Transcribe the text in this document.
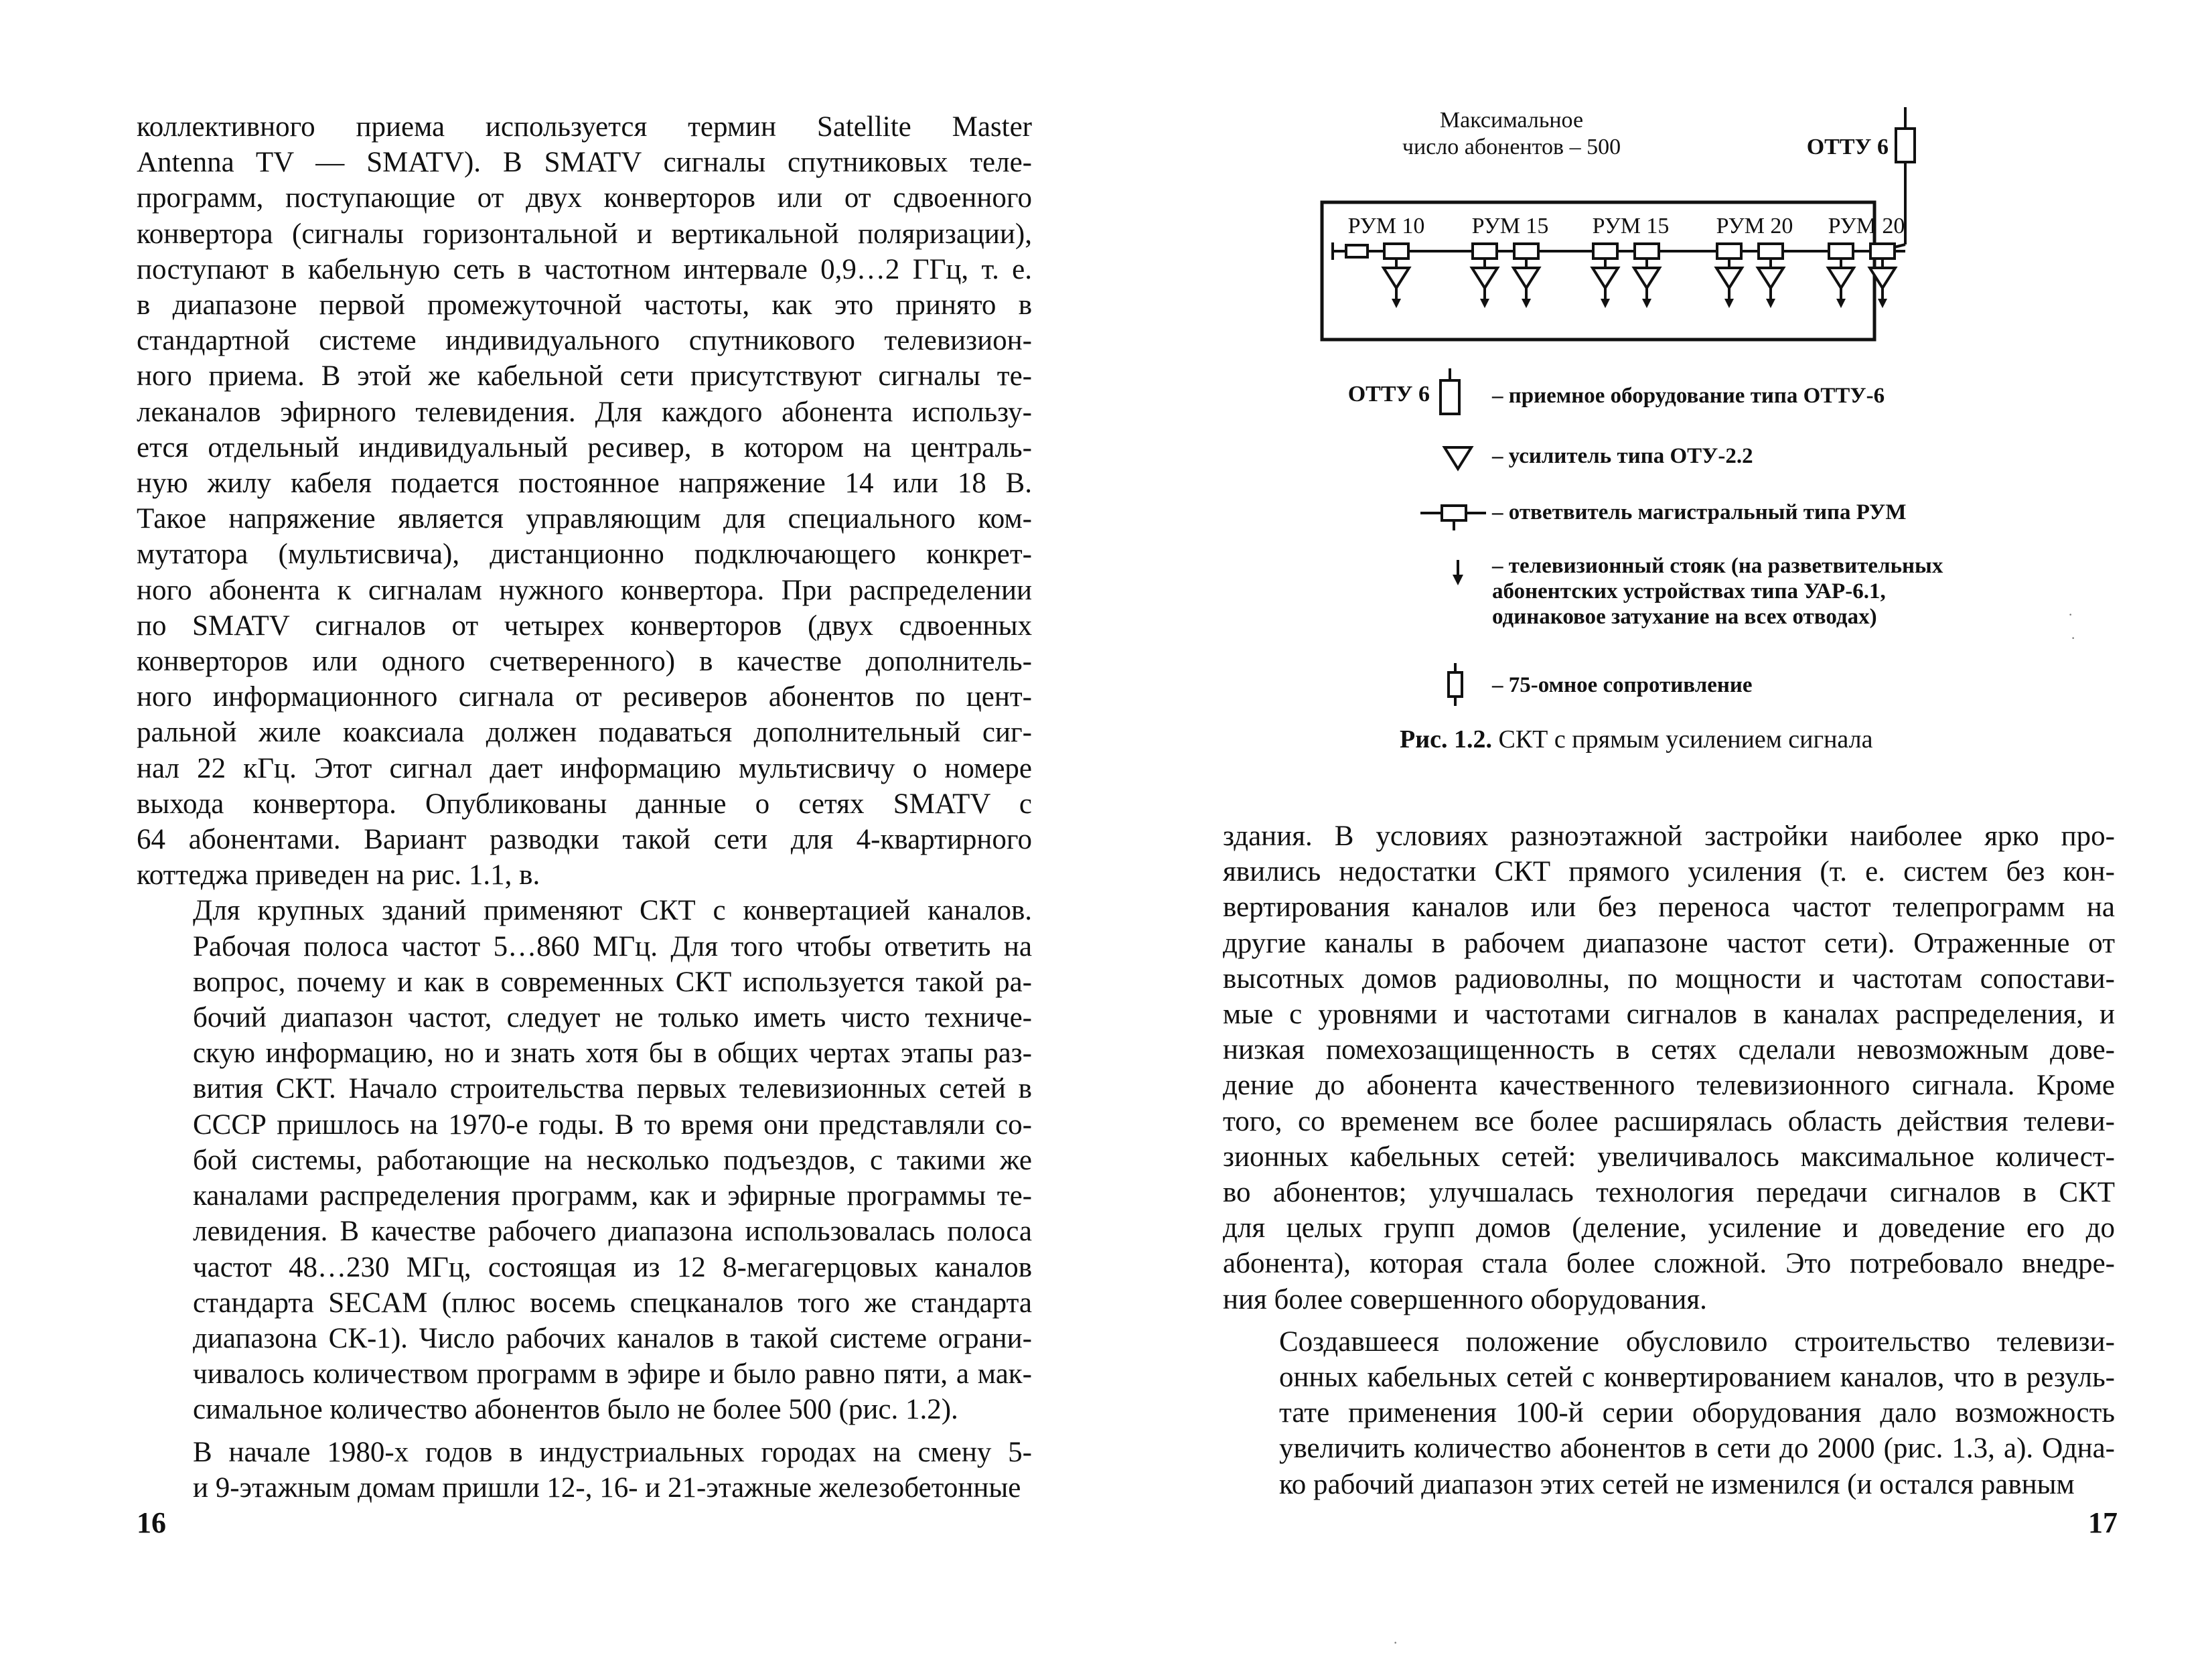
коллективного приема используется термин Satellite Master
Antenna TV — SMATV). В SMATV сигналы спутниковых теле-
программ, поступающие от двух конверторов или от сдвоенного
конвертора (сигналы горизонтальной и вертикальной поляризации),
поступают в кабельную сеть в частотном интервале 0,9…2 ГГц, т. е.
в диапазоне первой промежуточной частоты, как это принято в
стандартной системе индивидуального спутникового телевизион-
ного приема. В этой же кабельной сети присутствуют сигналы те-
леканалов эфирного телевидения. Для каждого абонента использу-
ется отдельный индивидуальный ресивер, в котором на централь-
ную жилу кабеля подается постоянное напряжение 14 или 18 В.
Такое напряжение является управляющим для специального ком-
мутатора (мультисвича), дистанционно подключающего конкрет-
ного абонента к сигналам нужного конвертора. При распределении
по SMATV сигналов от четырех конверторов (двух сдвоенных
конверторов или одного счетверенного) в качестве дополнитель-
ного информационного сигнала от ресиверов абонентов по цент-
ральной жиле коаксиала должен подаваться дополнительный сиг-
нал 22 кГц. Этот сигнал дает информацию мультисвичу о номере
выхода конвертора. Опубликованы данные о сетях SMATV с
64 абонентами. Вариант разводки такой сети для 4-квартирного
коттеджа приведен на рис. 1.1, в.

Для крупных зданий применяют СКТ с конвертацией каналов.
Рабочая полоса частот 5…860 МГц. Для того чтобы ответить на
вопрос, почему и как в современных СКТ используется такой ра-
бочий диапазон частот, следует не только иметь чисто техниче-
скую информацию, но и знать хотя бы в общих чертах этапы раз-
вития СКТ. Начало строительства первых телевизионных сетей в
СССР пришлось на 1970-е годы. В то время они представляли со-
бой системы, работающие на несколько подъездов, с такими же
каналами распределения программ, как и эфирные программы те-
левидения. В качестве рабочего диапазона использовалась полоса
частот 48…230 МГц, состоящая из 12 8-мегагерцовых каналов
стандарта SECAM (плюс восемь спецканалов того же стандарта
диапазона СК-1). Число рабочих каналов в такой системе ограни-
чивалось количеством программ в эфире и было равно пяти, а мак-
симальное количество абонентов было не более 500 (рис. 1.2).

В начале 1980-х годов в индустриальных городах на смену 5-
и 9-этажным домам пришли 12-, 16- и 21-этажные железобетонные

16
Максимальное
число абонентов – 500	ОТТУ 6
РУМ 10 РУМ 15 РУМ 15 РУМ 20 РУМ 20
ОТТУ 6	– приемное оборудование типа ОТТУ-6
– усилитель типа ОТУ-2.2
– ответвитель магистральный типа РУМ
– телевизионный стояк (на разветвительных
абонентских устройствах типа УАР-6.1,
одинаковое затухание на всех отводах)
– 75-омное сопротивление
Рис. 1.2. СКТ с прямым усилением сигнала

здания. В условиях разноэтажной застройки наиболее ярко про-
явились недостатки СКТ прямого усиления (т. е. систем без кон-
вертирования каналов или без переноса частот телепрограмм на
другие каналы в рабочем диапазоне частот сети). Отраженные от
высотных домов радиоволны, по мощности и частотам сопостави-
мые с уровнями и частотами сигналов в каналах распределения, и
низкая помехозащищенность в сетях сделали невозможным дове-
дение до абонента качественного телевизионного сигнала. Кроме
того, со временем все более расширялась область действия телеви-
зионных кабельных сетей: увеличивалось максимальное количест-
во абонентов; улучшалась технология передачи сигналов в СКТ
для целых групп домов (деление, усиление и доведение его до
абонента), которая стала более сложной. Это потребовало внедре-
ния более совершенного оборудования.

Создавшееся положение обусловило строительство телевизи-
онных кабельных сетей с конвертированием каналов, что в резуль-
тате применения 100-й серии оборудования дало возможность
увеличить количество абонентов в сети до 2000 (рис. 1.3, а). Одна-
ко рабочий диапазон этих сетей не изменился (и остался равным

17
·
·
·
